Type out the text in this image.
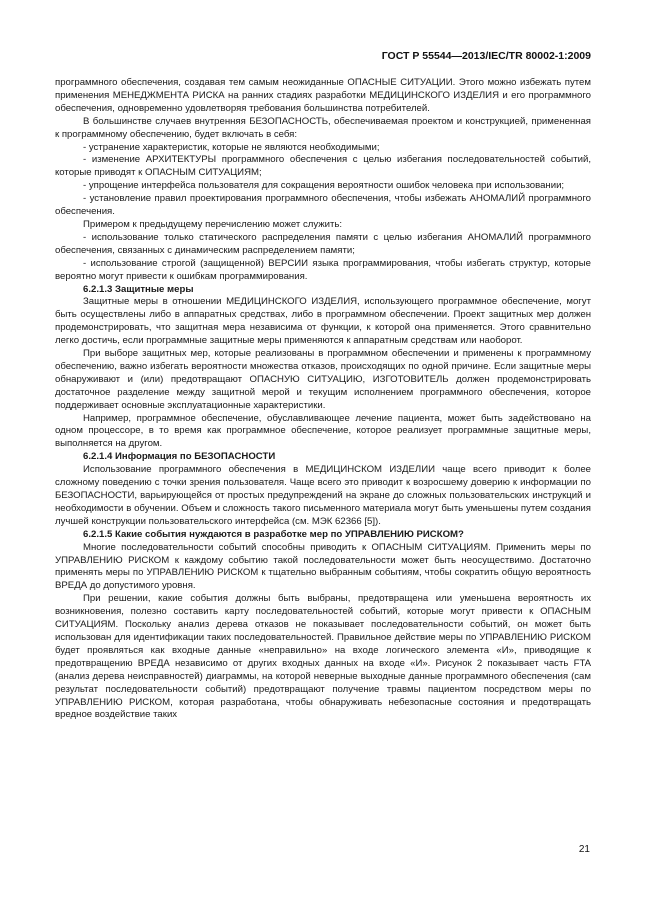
ГОСТ Р 55544—2013/IEC/TR 80002-1:2009

программного обеспечения, создавая тем самым неожиданные ОПАСНЫЕ СИТУАЦИИ. Этого можно избежать путем применения МЕНЕДЖМЕНТА РИСКА на ранних стадиях разработки МЕДИЦИНСКОГО ИЗДЕЛИЯ и его программного обеспечения, одновременно удовлетворяя требования большинства потребителей.

В большинстве случаев внутренняя БЕЗОПАСНОСТЬ, обеспечиваемая проектом и конструкцией, примененная к программному обеспечению, будет включать в себя:

- устранение характеристик, которые не являются необходимыми;

- изменение АРХИТЕКТУРЫ программного обеспечения с целью избегания последовательностей событий, которые приводят к ОПАСНЫМ СИТУАЦИЯМ;

- упрощение интерфейса пользователя для сокращения вероятности ошибок человека при использовании;

- установление правил проектирования программного обеспечения, чтобы избежать АНОМАЛИЙ программного обеспечения.

Примером к предыдущему перечислению может служить:

- использование только статического распределения памяти с целью избегания АНОМАЛИЙ программного обеспечения, связанных с динамическим распределением памяти;

- использование строгой (защищенной) ВЕРСИИ языка программирования, чтобы избегать структур, которые вероятно могут привести к ошибкам программирования.

6.2.1.3 Защитные меры

Защитные меры в отношении МЕДИЦИНСКОГО ИЗДЕЛИЯ, использующего программное обеспечение, могут быть осуществлены либо в аппаратных средствах, либо в программном обеспечении. Проект защитных мер должен продемонстрировать, что защитная мера независима от функции, к которой она применяется. Этого сравнительно легко достичь, если программные защитные меры применяются к аппаратным средствам или наоборот.

При выборе защитных мер, которые реализованы в программном обеспечении и применены к программному обеспечению, важно избегать вероятности множества отказов, происходящих по одной причине. Если защитные меры обнаруживают и (или) предотвращают ОПАСНУЮ СИТУАЦИЮ, ИЗГОТОВИТЕЛЬ должен продемонстрировать достаточное разделение между защитной мерой и текущим исполнением программного обеспечения, которое поддерживает основные эксплуатационные характеристики.

Например, программное обеспечение, обуславливающее лечение пациента, может быть задействовано на одном процессоре, в то время как программное обеспечение, которое реализует программные защитные меры, выполняется на другом.

6.2.1.4 Информация по БЕЗОПАСНОСТИ

Использование программного обеспечения в МЕДИЦИНСКОМ ИЗДЕЛИИ чаще всего приводит к более сложному поведению с точки зрения пользователя. Чаще всего это приводит к возросшему доверию к информации по БЕЗОПАСНОСТИ, варьирующейся от простых предупреждений на экране до сложных пользовательских инструкций и необходимости в обучении. Объем и сложность такого письменного материала могут быть уменьшены путем создания лучшей конструкции пользовательского интерфейса (см. МЭК 62366 [5]).

6.2.1.5 Какие события нуждаются в разработке мер по УПРАВЛЕНИЮ РИСКОМ?

Многие последовательности событий способны приводить к ОПАСНЫМ СИТУАЦИЯМ. Применить меры по УПРАВЛЕНИЮ РИСКОМ к каждому событию такой последовательности может быть неосуществимо. Достаточно применять меры по УПРАВЛЕНИЮ РИСКОМ к тщательно выбранным событиям, чтобы сократить общую вероятность ВРЕДА до допустимого уровня.

При решении, какие события должны быть выбраны, предотвращена или уменьшена вероятность их возникновения, полезно составить карту последовательностей событий, которые могут привести к ОПАСНЫМ СИТУАЦИЯМ. Поскольку анализ дерева отказов не показывает последовательности событий, он может быть использован для идентификации таких последовательностей. Правильное действие меры по УПРАВЛЕНИЮ РИСКОМ будет проявляться как входные данные «неправильно» на входе логического элемента «И», приводящие к предотвращению ВРЕДА независимо от других входных данных на входе «И». Рисунок 2 показывает часть FTA (анализ дерева неисправностей) диаграммы, на которой неверные выходные данные программного обеспечения (сам результат последовательности событий) предотвращают получение травмы пациентом посредством меры по УПРАВЛЕНИЮ РИСКОМ, которая разработана, чтобы обнаруживать небезопасные состояния и предотвращать вредное воздействие таких

21
